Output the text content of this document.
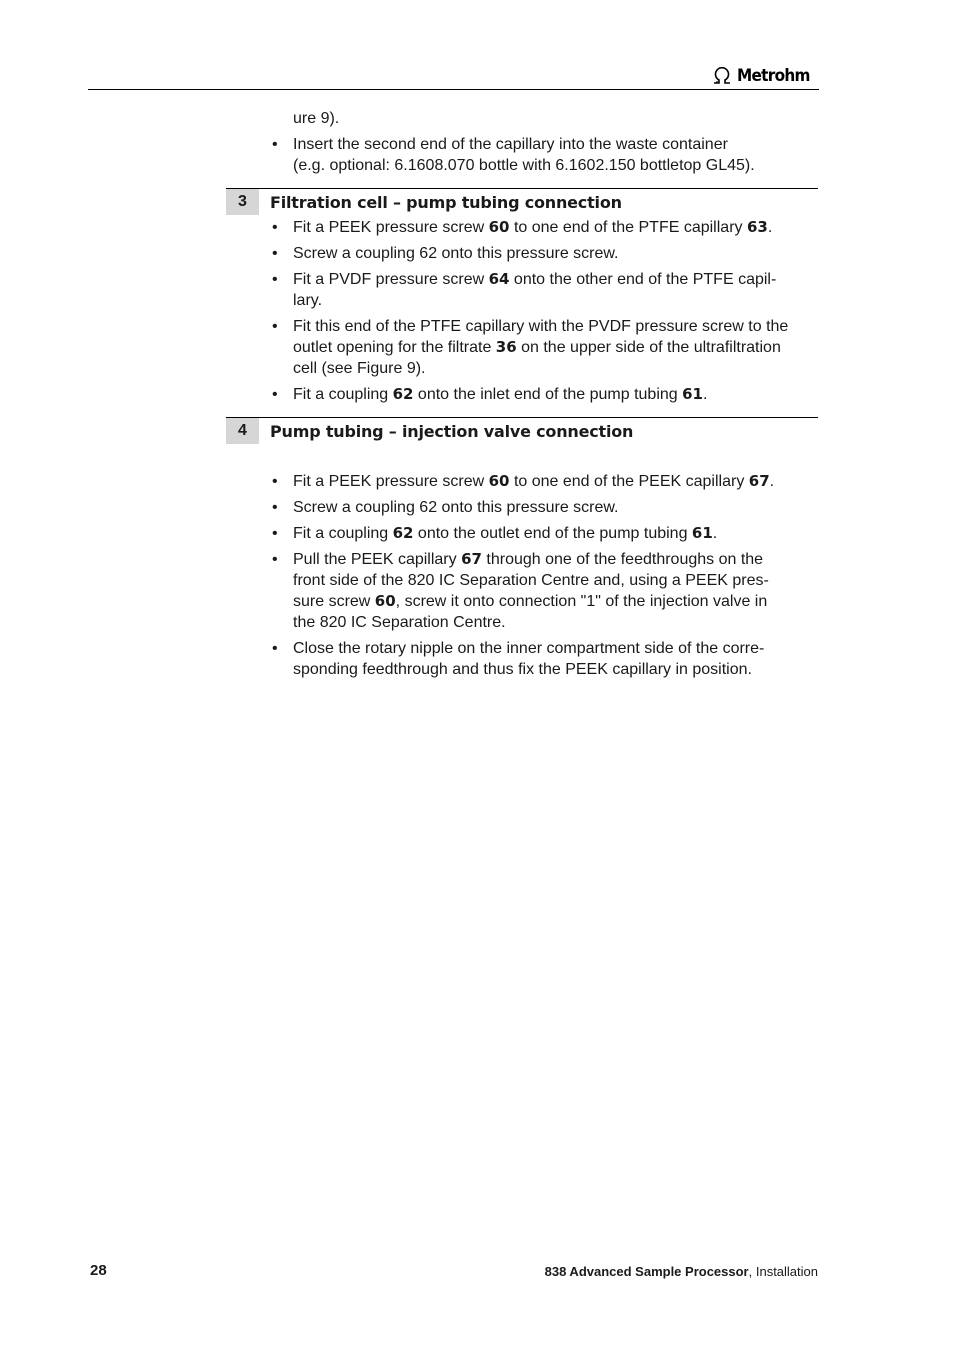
Metrohm
ure 9).
• Insert the second end of the capillary into the waste container
(e.g. optional: 6.1608.070 bottle with 6.1602.150 bottletop GL45).
3	Filtration cell – pump tubing connection
• Fit a PEEK pressure screw 60 to one end of the PTFE capillary 63.
• Screw a coupling 62 onto this pressure screw.
• Fit a PVDF pressure screw 64 onto the other end of the PTFE capil-
lary.
• Fit this end of the PTFE capillary with the PVDF pressure screw to the
outlet opening for the filtrate 36 on the upper side of the ultrafiltration
cell (see Figure 9).
• Fit a coupling 62 onto the inlet end of the pump tubing 61.
4	Pump tubing – injection valve connection
• Fit a PEEK pressure screw 60 to one end of the PEEK capillary 67.
• Screw a coupling 62 onto this pressure screw.
• Fit a coupling 62 onto the outlet end of the pump tubing 61.
• Pull the PEEK capillary 67 through one of the feedthroughs on the
front side of the 820 IC Separation Centre and, using a PEEK pres-
sure screw 60, screw it onto connection "1" of the injection valve in
the 820 IC Separation Centre.
• Close the rotary nipple on the inner compartment side of the corre-
sponding feedthrough and thus fix the PEEK capillary in position.
28	838 Advanced Sample Processor, Installation
